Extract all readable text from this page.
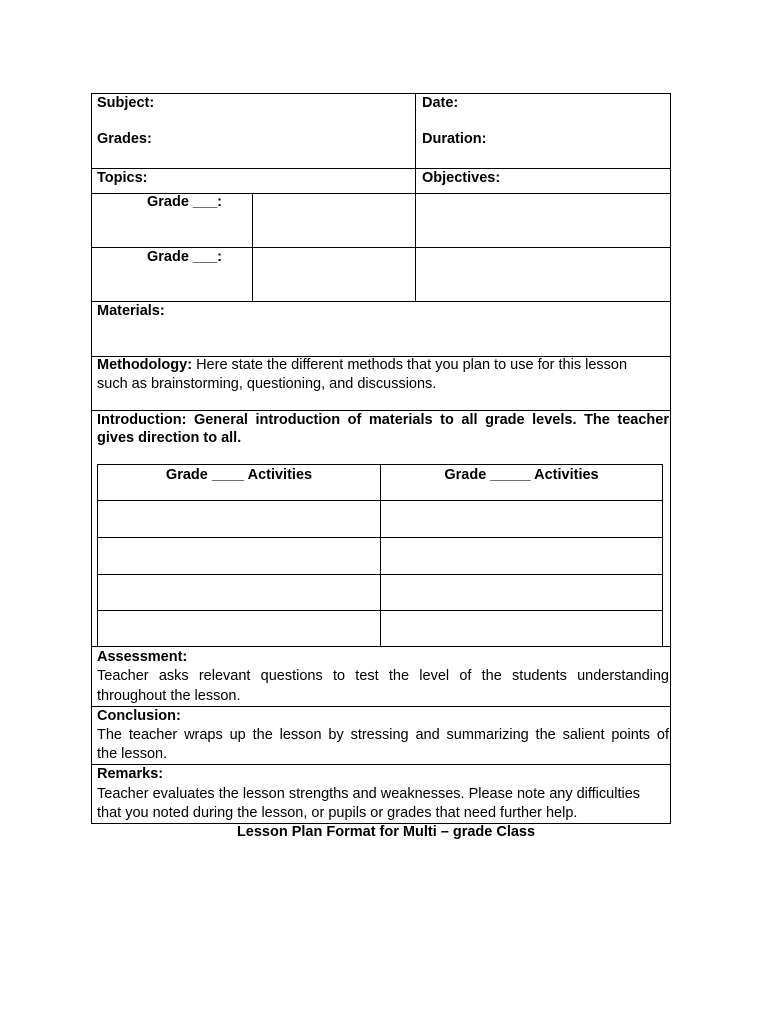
Subject:	Date:
Grades:	Duration:
Topics:	Objectives:
Grade ___:
Grade ___:
Materials:
Methodology: Here state the different methods that you plan to use for this lesson
such as brainstorming, questioning, and discussions.
Introduction: General introduction of materials to all grade levels. The teacher
gives direction to all.
Grade ____ Activities	Grade _____ Activities
Assessment:
Teacher asks relevant questions to test the level of the students understanding
throughout the lesson.
Conclusion:
The teacher wraps up the lesson by stressing and summarizing the salient points of
the lesson.
Remarks:
Teacher evaluates the lesson strengths and weaknesses. Please note any difficulties
that you noted during the lesson, or pupils or grades that need further help.
Lesson Plan Format for Multi – grade Class
